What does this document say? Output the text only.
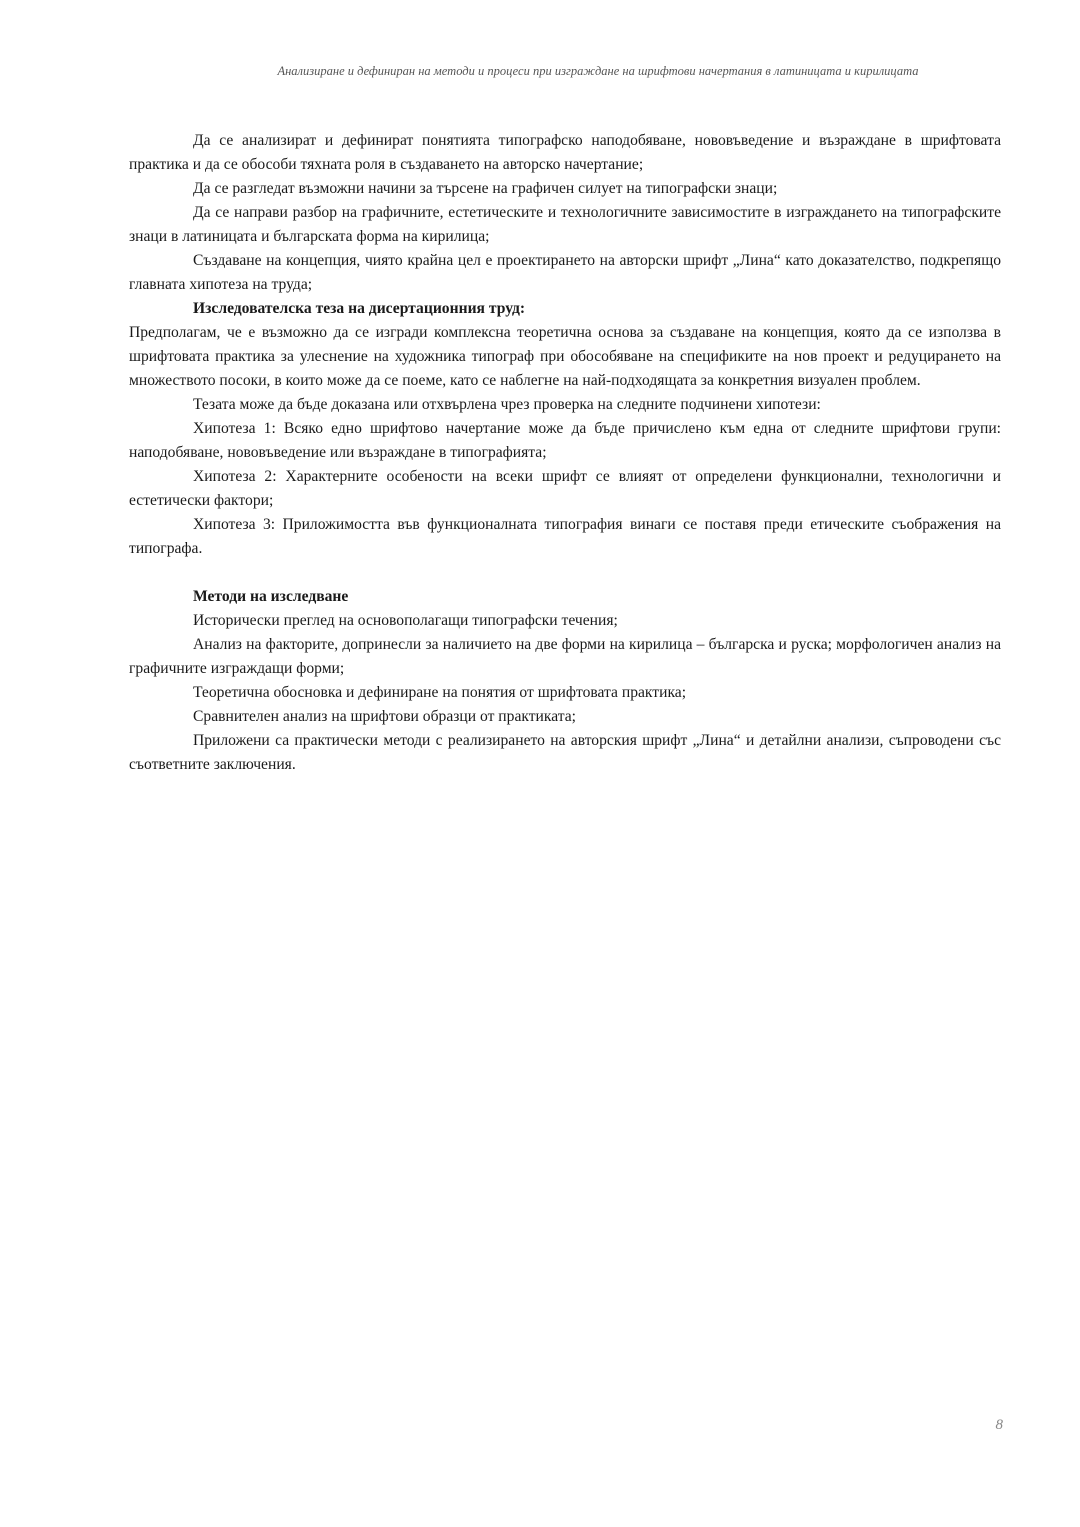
Анализиране и дефиниран на методи и процеси при изграждане на шрифтови начертания в латиницата и кирилицата

Да се анализират и дефинират понятията типографско наподобяване, нововъведение и възраждане в шрифтовата практика и да се обособи тяхната роля в създаването на авторско начертание;

Да се разгледат възможни начини за търсене на графичен силует на типографски знаци;

Да се направи разбор на графичните, естетическите и технологичните зависимостите в изграждането на типографските знаци в латиницата и българската форма на кирилица;

Създаване на концепция, чиято крайна цел е проектирането на авторски шрифт „Лина“ като доказателство, подкрепящо главната хипотеза на труда;

Изследователска теза на дисертационния труд:

Предполагам, че е възможно да се изгради комплексна теоретична основа за създаване на концепция, която да се използва в шрифтовата практика за улеснение на художника типограф при обособяване на спецификите на нов проект и редуцирането на множеството посоки, в които може да се поеме, като се наблегне на най-подходящата за конкретния визуален проблем.

Тезата може да бъде доказана или отхвърлена чрез проверка на следните подчинени хипотези:

Хипотеза 1: Всяко едно шрифтово начертание може да бъде причислено към една от следните шрифтови групи: наподобяване, нововъведение или възраждане в типографията;

Хипотеза 2: Характерните особености на всеки шрифт се влияят от определени функционални, технологични и естетически фактори;

Хипотеза 3: Приложимостта във функционалната типография винаги се поставя преди етическите съображения на типографа.

Методи на изследване

Исторически преглед на основополагащи типографски течения;

Анализ на факторите, допринесли за наличието на две форми на кирилица – българска и руска; морфологичен анализ на графичните изграждащи форми;

Теоретична обосновка и дефиниране на понятия от шрифтовата практика;

Сравнителен анализ на шрифтови образци от практиката;

Приложени са практически методи с реализирането на авторския шрифт „Лина“ и детайлни анализи, съпроводени със съответните заключения.

8
